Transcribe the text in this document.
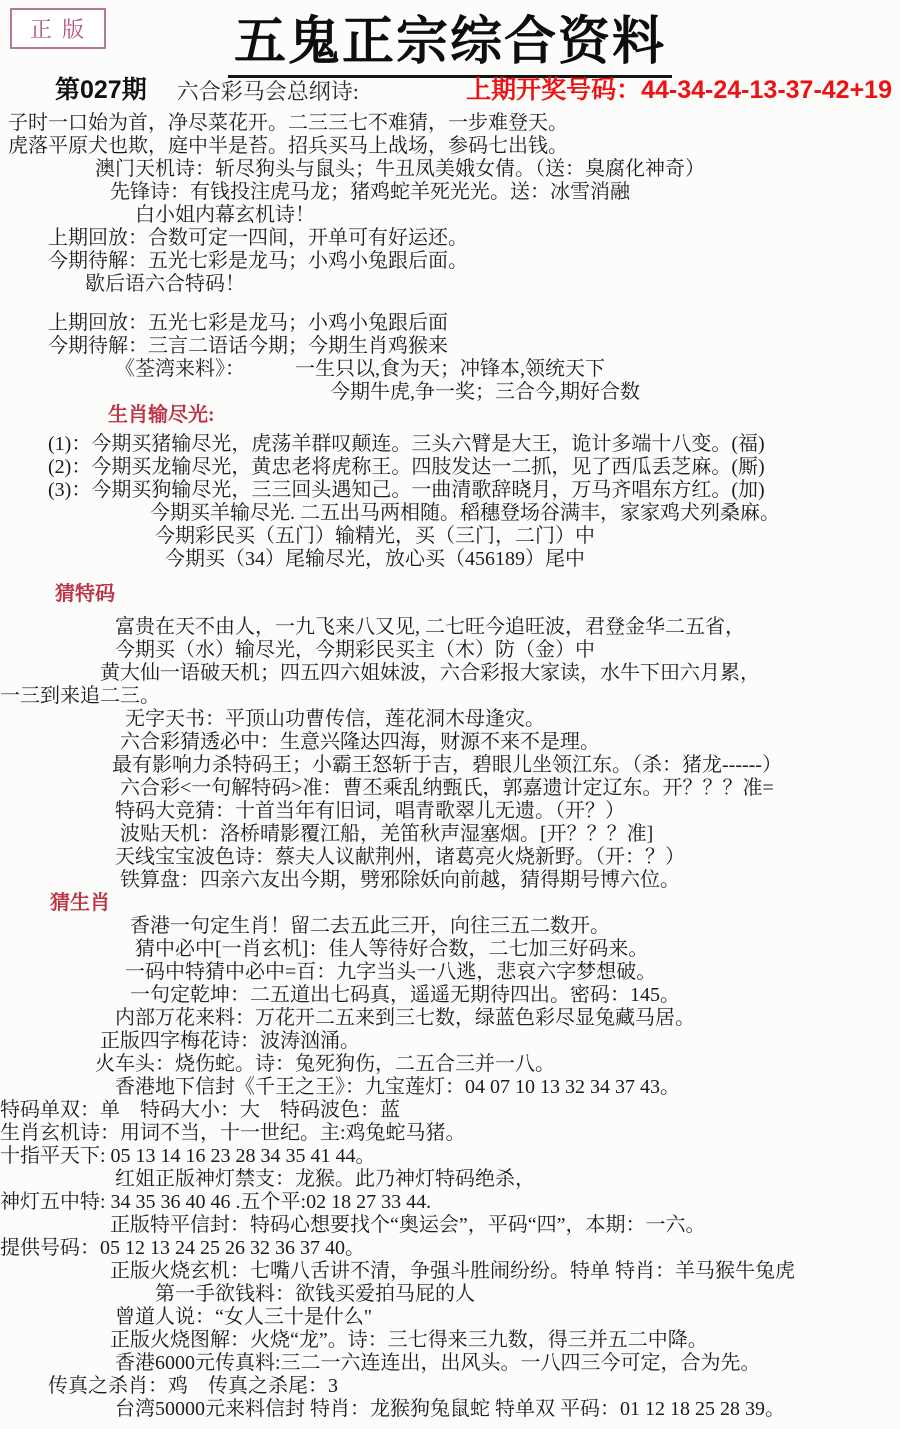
正版	五鬼正宗综合资料
第027期 六合彩马会总纲诗:	上期开奖号码：44-34-24-13-37-42+19
子时一口始为首，净尽菜花开。二三三七不难猜，一步难登天。
虎落平原犬也欺，庭中半是苔。招兵买马上战场，参码七出钱。
澳门天机诗：斩尽狗头与鼠头；牛丑凤美娥女倩。（送：臭腐化神奇）
先锋诗：有钱投注虎马龙；猪鸡蛇羊死光光。送：冰雪消融
白小姐内幕玄机诗！
上期回放：合数可定一四间，开单可有好运还。
今期待解：五光七彩是龙马；小鸡小兔跟后面。
歇后语六合特码！
上期回放：五光七彩是龙马；小鸡小兔跟后面
今期待解：三言二语话今期；今期生肖鸡猴来
《荃湾来料》：　　　一生只以,食为天；冲锋本,领统天下
今期牛虎,争一奖；三合今,期好合数
生肖输尽光:
(1)：今期买猪输尽光，虎荡羊群叹颠连。三头六臂是大王，诡计多端十八变。(福)
(2)：今期买龙输尽光，黄忠老将虎称王。四肢发达一二抓，见了西瓜丢芝麻。(厮)
(3)：今期买狗输尽光，三三回头遇知己。一曲清歌辞晓月，万马齐唱东方红。(加)
今期买羊输尽光. 二五出马两相随。稻穗登场谷满丰，家家鸡犬列桑麻。
今期彩民买（五门）输精光，买（三门，二门）中
今期买（34）尾输尽光，放心买（456189）尾中
猜特码
富贵在天不由人，一九飞来八又见, 二七旺今追旺波，君登金华二五省，
今期买（水）输尽光，今期彩民买主（木）防（金）中
黄大仙一语破天机；四五四六姐妹波，六合彩报大家读，水牛下田六月累，
一三到来追二三。
无字天书：平顶山功曹传信，莲花洞木母逢灾。
六合彩猜透必中：生意兴隆达四海，财源不来不是理。
最有影响力杀特码王；小霸王怒斩于吉，碧眼儿坐领江东。（杀：猪龙------）
六合彩<一句解特码>准：曹丕乘乱纳甄氏，郭嘉遗计定辽东。开？？？准=
特码大竞猜：十首当年有旧词，唱青歌翠儿无遗。（开？）
波贴天机：洛桥晴影覆江船，羌笛秋声湿塞烟。[开？？？准]
天线宝宝波色诗：蔡夫人议献荆州，诸葛亮火烧新野。（开：？）
铁算盘：四亲六友出今期，劈邪除妖向前越，猜得期号博六位。
猜生肖
香港一句定生肖！留二去五此三开，向往三五二数开。
猜中必中[一肖玄机]：佳人等待好合数，二七加三好码来。
一码中特猜中必中=百：九字当头一八逃，悲哀六字梦想破。
一句定乾坤：二五道出七码真，遥遥无期待四出。密码：145。
内部万花来料：万花开二五来到三七数，绿蓝色彩尽显兔藏马居。
正版四字梅花诗：波涛汹涌。
火车头：烧伤蛇。诗：兔死狗伤，二五合三并一八。
香港地下信封《千王之王》：九宝莲灯：04 07 10 13 32 34 37 43。
特码单双：单　特码大小：大　特码波色：蓝
生肖玄机诗：用词不当，十一世纪。主:鸡兔蛇马猪。
十指平天下: 05 13 14 16 23 28 34 35 41 44。
红姐正版神灯禁支：龙猴。此乃神灯特码绝杀，
神灯五中特: 34 35 36 40 46 .五个平:02 18 27 33 44.
正版特平信封：特码心想要找个“奥运会”，平码“四”，本期：一六。
提供号码：05 12 13 24 25 26 32 36 37 40。
正版火烧玄机：七嘴八舌讲不清，争强斗胜闹纷纷。特单 特肖：羊马猴牛兔虎
第一手欲钱料：欲钱买爱拍马屁的人
曾道人说：“女人三十是什么"
正版火烧图解：火烧“龙”。诗：三七得来三九数，得三并五二中降。
香港6000元传真料:三二一六连连出，出风头。一八四三今可定，合为先。
传真之杀肖：鸡　传真之杀尾：3
台湾50000元来料信封 特肖：龙猴狗兔鼠蛇 特单双 平码：01 12 18 25 28 39。
